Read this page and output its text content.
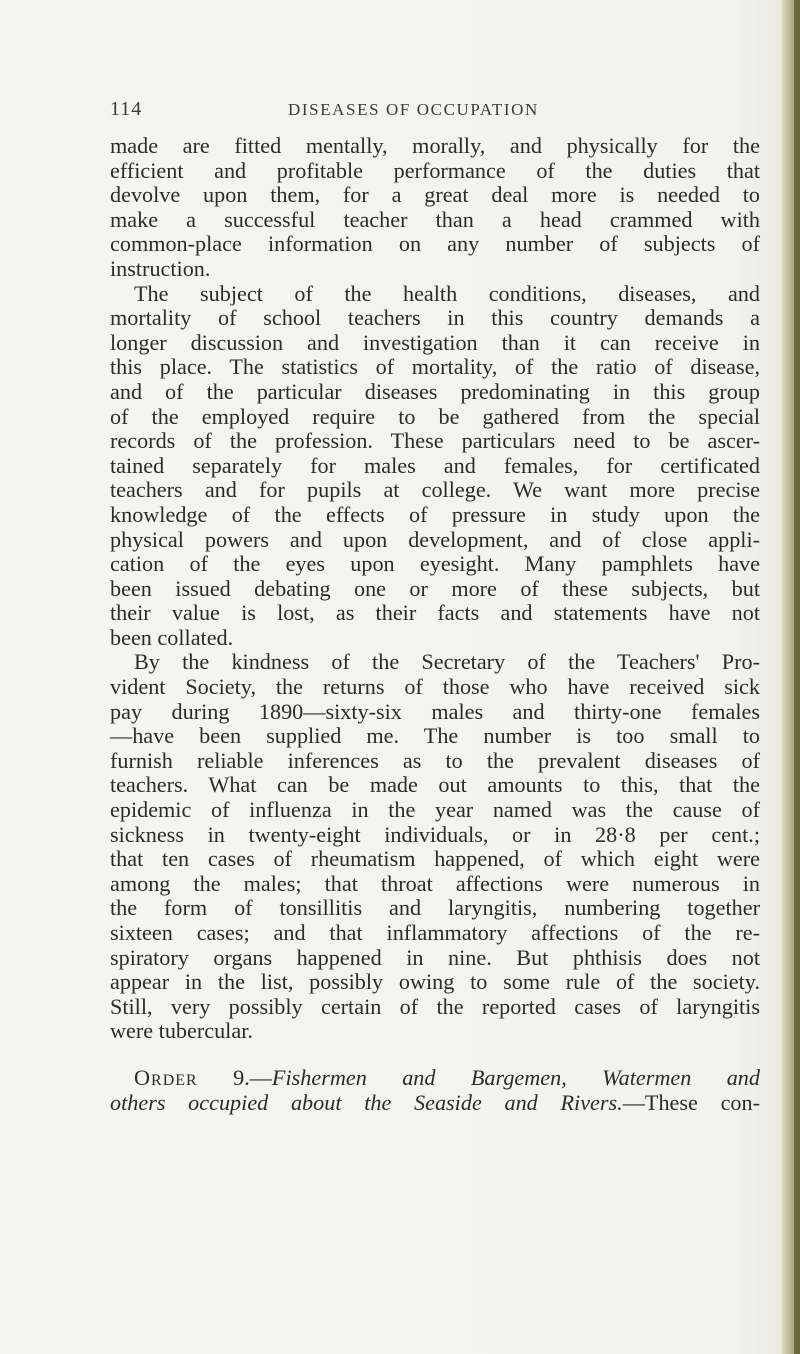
114	DISEASES OF OCCUPATION
made are fitted mentally, morally, and physically for the
efficient and profitable performance of the duties that
devolve upon them, for a great deal more is needed to
make a successful teacher than a head crammed with
common-place information on any number of subjects of
instruction.
The subject of the health conditions, diseases, and
mortality of school teachers in this country demands a
longer discussion and investigation than it can receive in
this place. The statistics of mortality, of the ratio of disease,
and of the particular diseases predominating in this group
of the employed require to be gathered from the special
records of the profession. These particulars need to be ascer-
tained separately for males and females, for certificated
teachers and for pupils at college. We want more precise
knowledge of the effects of pressure in study upon the
physical powers and upon development, and of close appli-
cation of the eyes upon eyesight. Many pamphlets have
been issued debating one or more of these subjects, but
their value is lost, as their facts and statements have not
been collated.
By the kindness of the Secretary of the Teachers' Pro-
vident Society, the returns of those who have received sick
pay during 1890—sixty-six males and thirty-one females
—have been supplied me. The number is too small to
furnish reliable inferences as to the prevalent diseases of
teachers. What can be made out amounts to this, that the
epidemic of influenza in the year named was the cause of
sickness in twenty-eight individuals, or in 28·8 per cent.;
that ten cases of rheumatism happened, of which eight were
among the males; that throat affections were numerous in
the form of tonsillitis and laryngitis, numbering together
sixteen cases; and that inflammatory affections of the re-
spiratory organs happened in nine. But phthisis does not
appear in the list, possibly owing to some rule of the society.
Still, very possibly certain of the reported cases of laryngitis
were tubercular.
Order 9.—Fishermen and Bargemen, Watermen and
others occupied about the Seaside and Rivers.—These con-
